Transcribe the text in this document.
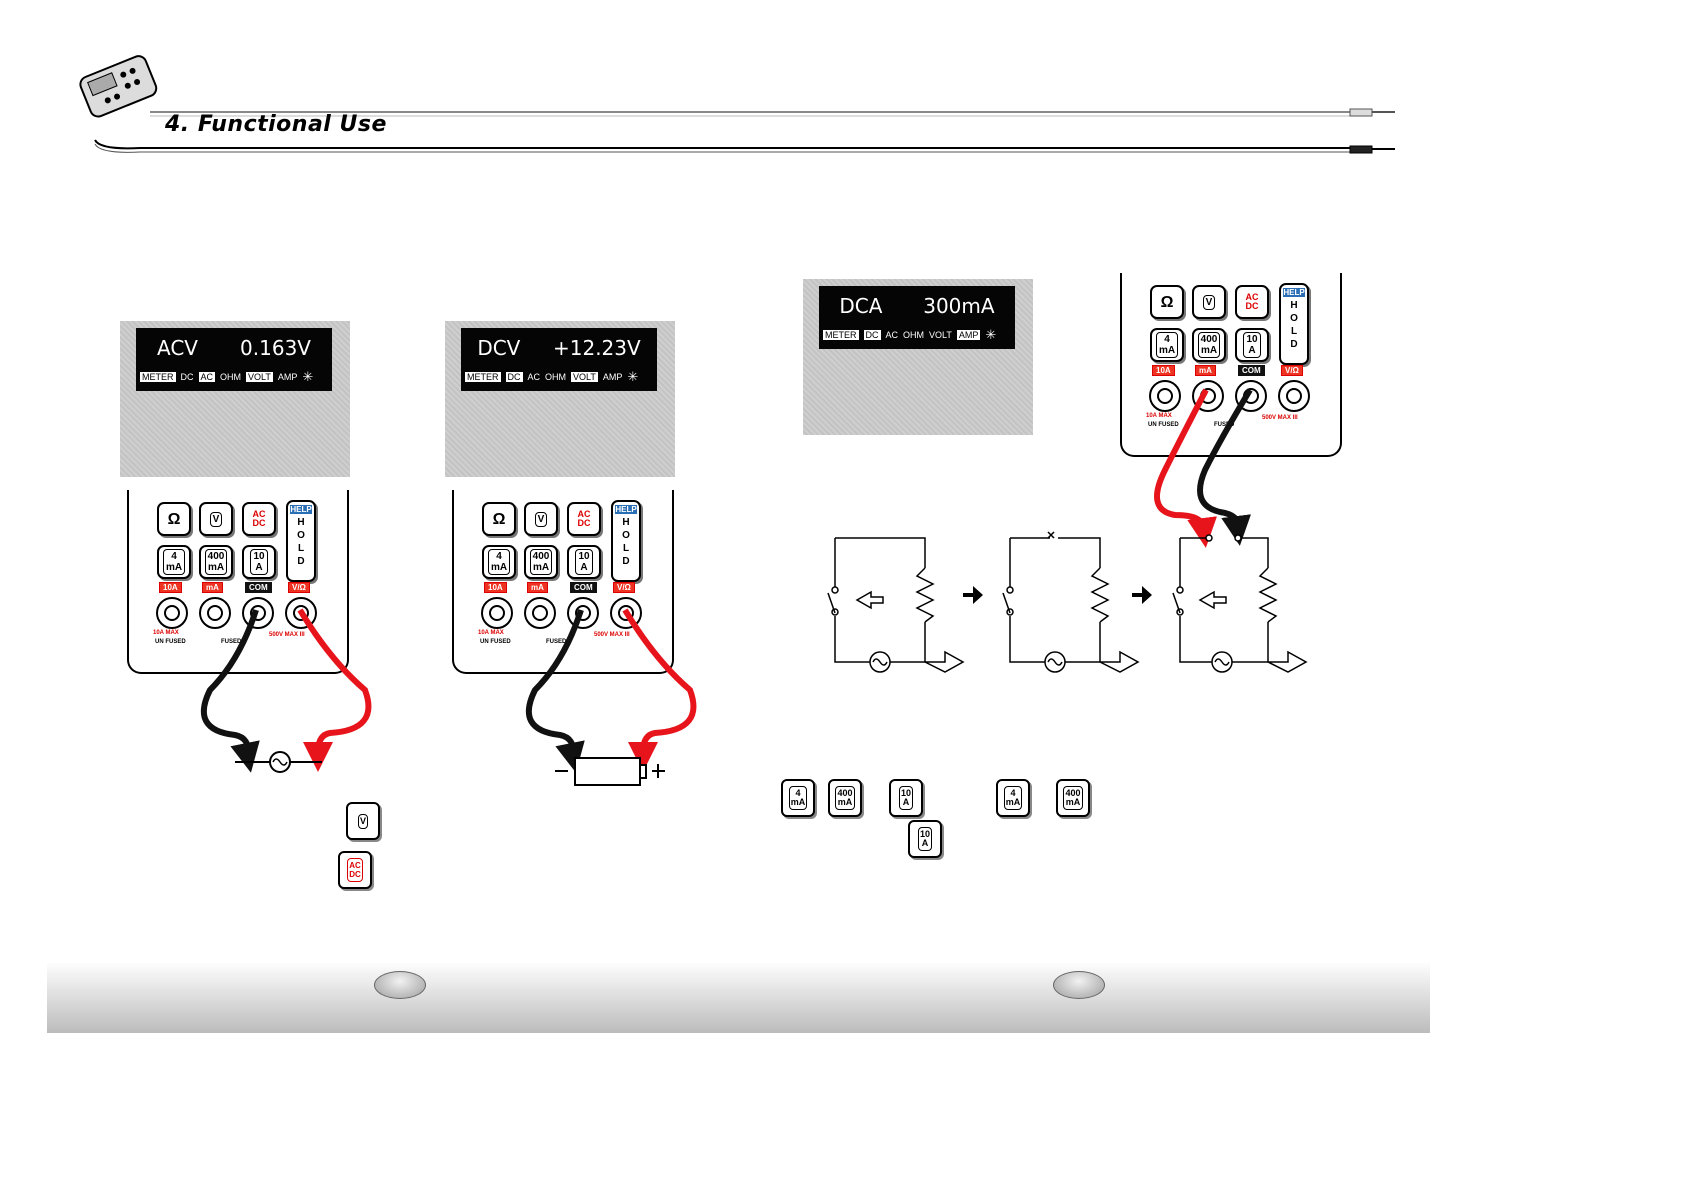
4. Functional Use
ACV 0.163V
METER DC AC OHM VOLT AMP ✳
DCV +12.23V
METER DC AC OHM VOLT AMP ✳
DCA 300mA
METER DC AC OHM VOLT AMP ✳
Ω	V	AC
DC
HELP
H
O
L
D
4
mA
400
mA
10
A
10A	mA	COM	V/Ω
10A MAX
UN FUSED	FUSED
500V MAX III
Ω	V	AC
DC
HELP
H
O
L
D
4
mA
400
mA
10
A
10A	mA	COM	V/Ω
10A MAX
UN FUSED	FUSED
500V MAX III
Ω	V	AC
DC
HELP
H
O
L
D
4
mA
400
mA
10
A
10A	mA	COM	V/Ω
10A MAX
UN FUSED	FUSED
500V MAX III
V
AC
DC
4
mA
400
mA
10
A
4
mA
400
mA
10
A
